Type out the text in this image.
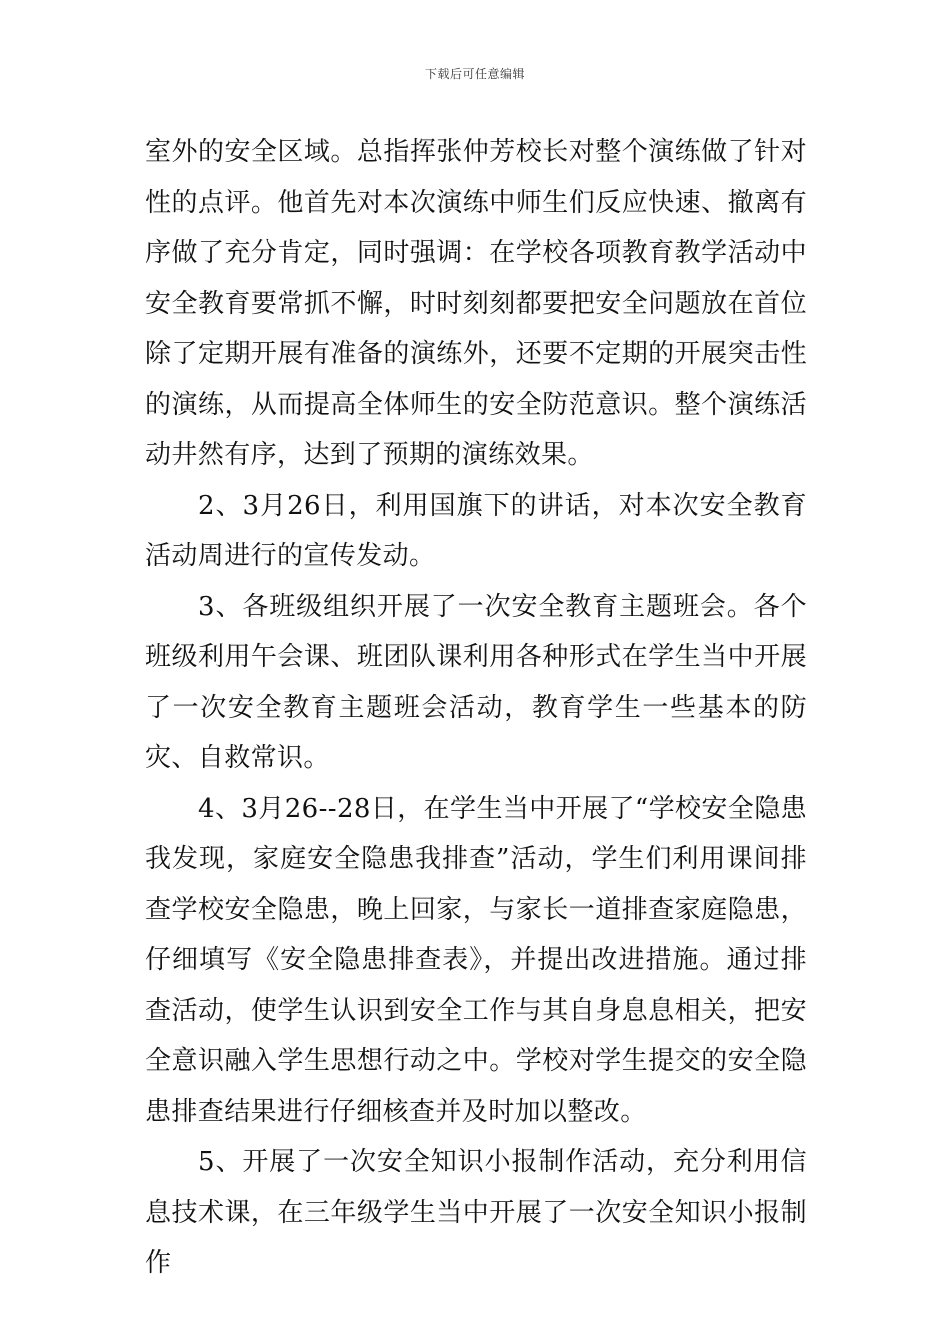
下载后可任意编辑

室外的安全区域。总指挥张仲芳校长对整个演练做了针对性的点评。他首先对本次演练中师生们反应快速、撤离有序做了充分肯定，同时强调：在学校各项教育教学活动中安全教育要常抓不懈，时时刻刻都要把安全问题放在首位除了定期开展有准备的演练外，还要不定期的开展突击性的演练，从而提高全体师生的安全防范意识。整个演练活动井然有序，达到了预期的演练效果。

2、3月26日，利用国旗下的讲话，对本次安全教育活动周进行的宣传发动。

3、各班级组织开展了一次安全教育主题班会。各个班级利用午会课、班团队课利用各种形式在学生当中开展了一次安全教育主题班会活动，教育学生一些基本的防灾、自救常识。

4、3月26--28日，在学生当中开展了“学校安全隐患我发现，家庭安全隐患我排查”活动，学生们利用课间排查学校安全隐患，晚上回家，与家长一道排查家庭隐患，仔细填写《安全隐患排查表》，并提出改进措施。通过排查活动，使学生认识到安全工作与其自身息息相关，把安全意识融入学生思想行动之中。学校对学生提交的安全隐患排查结果进行仔细核查并及时加以整改。

5、开展了一次安全知识小报制作活动，充分利用信息技术课，在三年级学生当中开展了一次安全知识小报制作
